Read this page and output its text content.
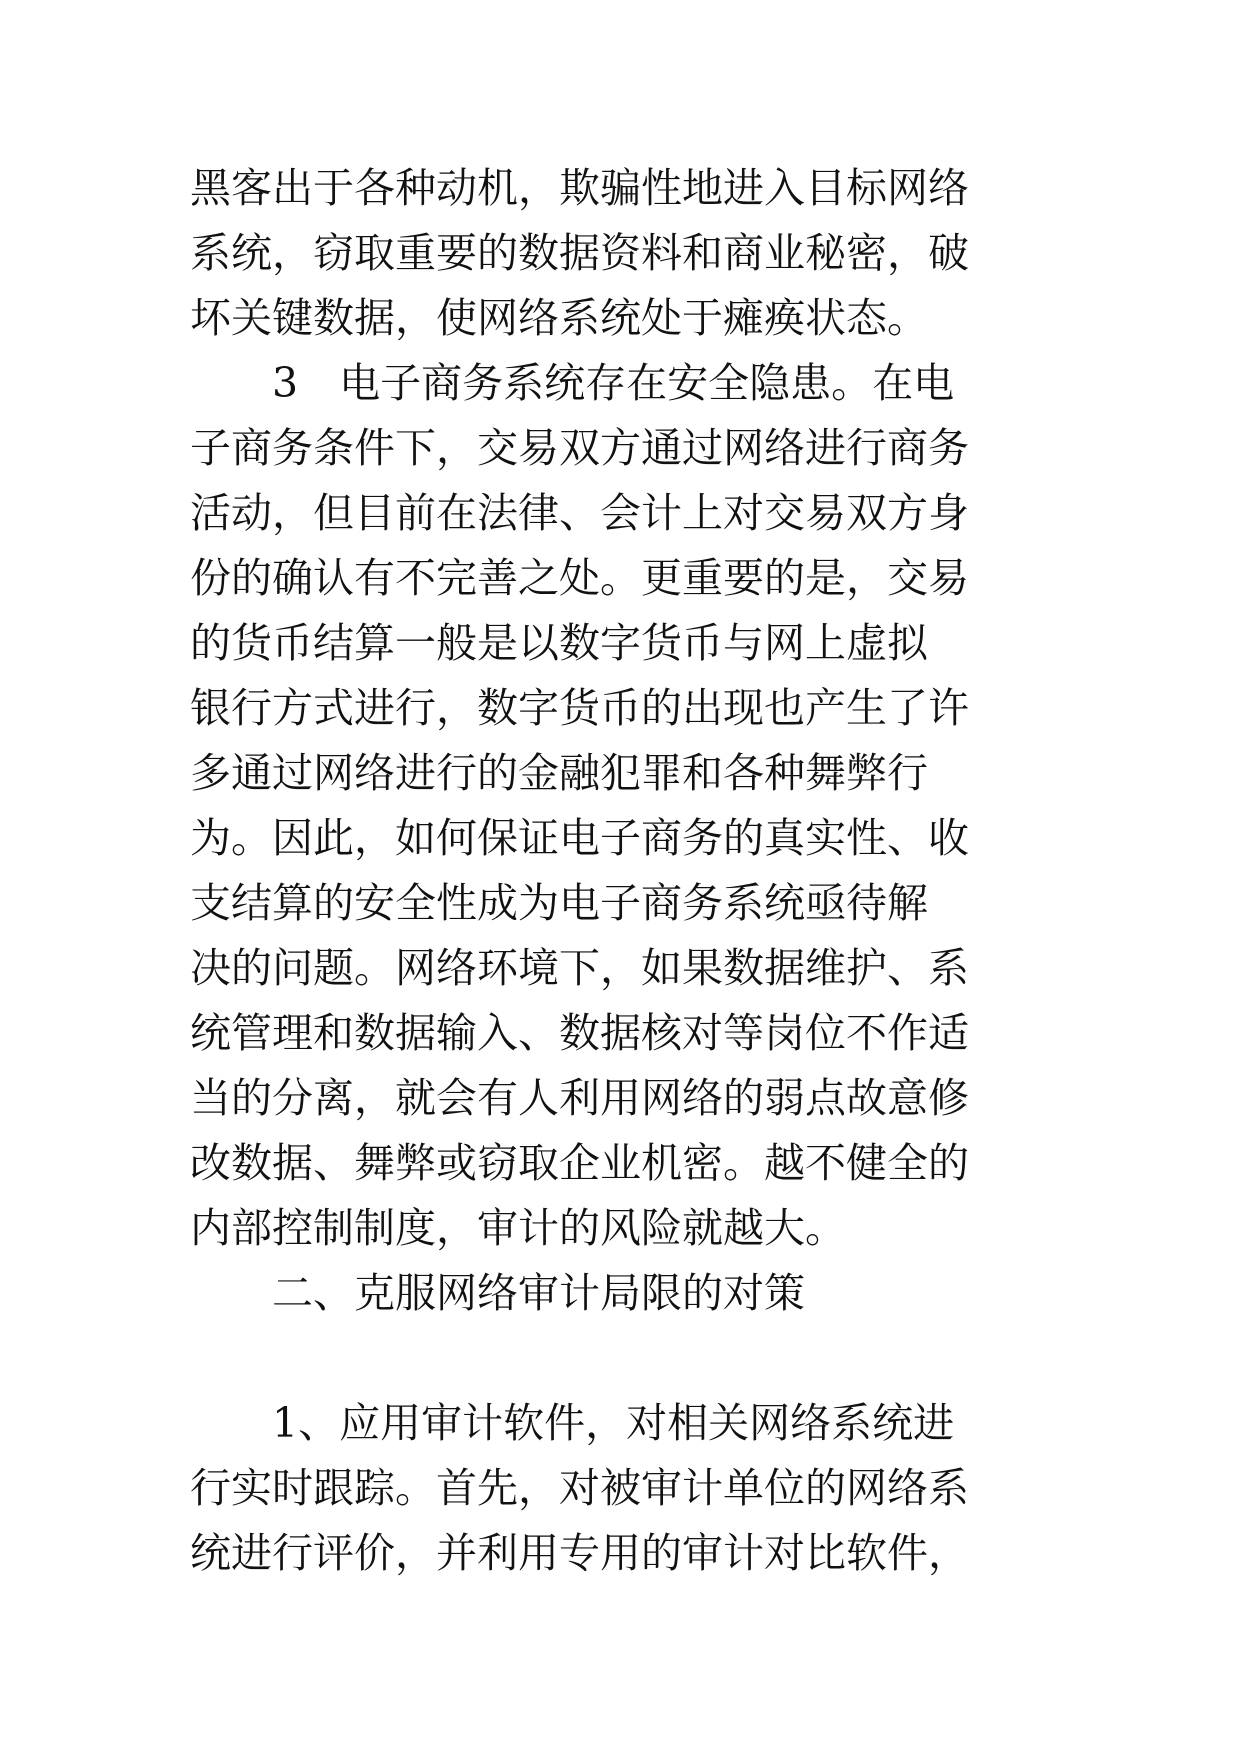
黑客出于各种动机，欺骗性地进入目标网络
系统，窃取重要的数据资料和商业秘密，破
坏关键数据，使网络系统处于瘫痪状态。
　　3　电子商务系统存在安全隐患。在电
子商务条件下，交易双方通过网络进行商务
活动，但目前在法律、会计上对交易双方身
份的确认有不完善之处。更重要的是，交易
的货币结算一般是以数字货币与网上虚拟
银行方式进行，数字货币的出现也产生了许
多通过网络进行的金融犯罪和各种舞弊行
为。因此，如何保证电子商务的真实性、收
支结算的安全性成为电子商务系统亟待解
决的问题。网络环境下，如果数据维护、系
统管理和数据输入、数据核对等岗位不作适
当的分离，就会有人利用网络的弱点故意修
改数据、舞弊或窃取企业机密。越不健全的
内部控制制度，审计的风险就越大。
　　二、克服网络审计局限的对策
　　1、应用审计软件，对相关网络系统进
行实时跟踪。首先，对被审计单位的网络系
统进行评价，并利用专用的审计对比软件，
